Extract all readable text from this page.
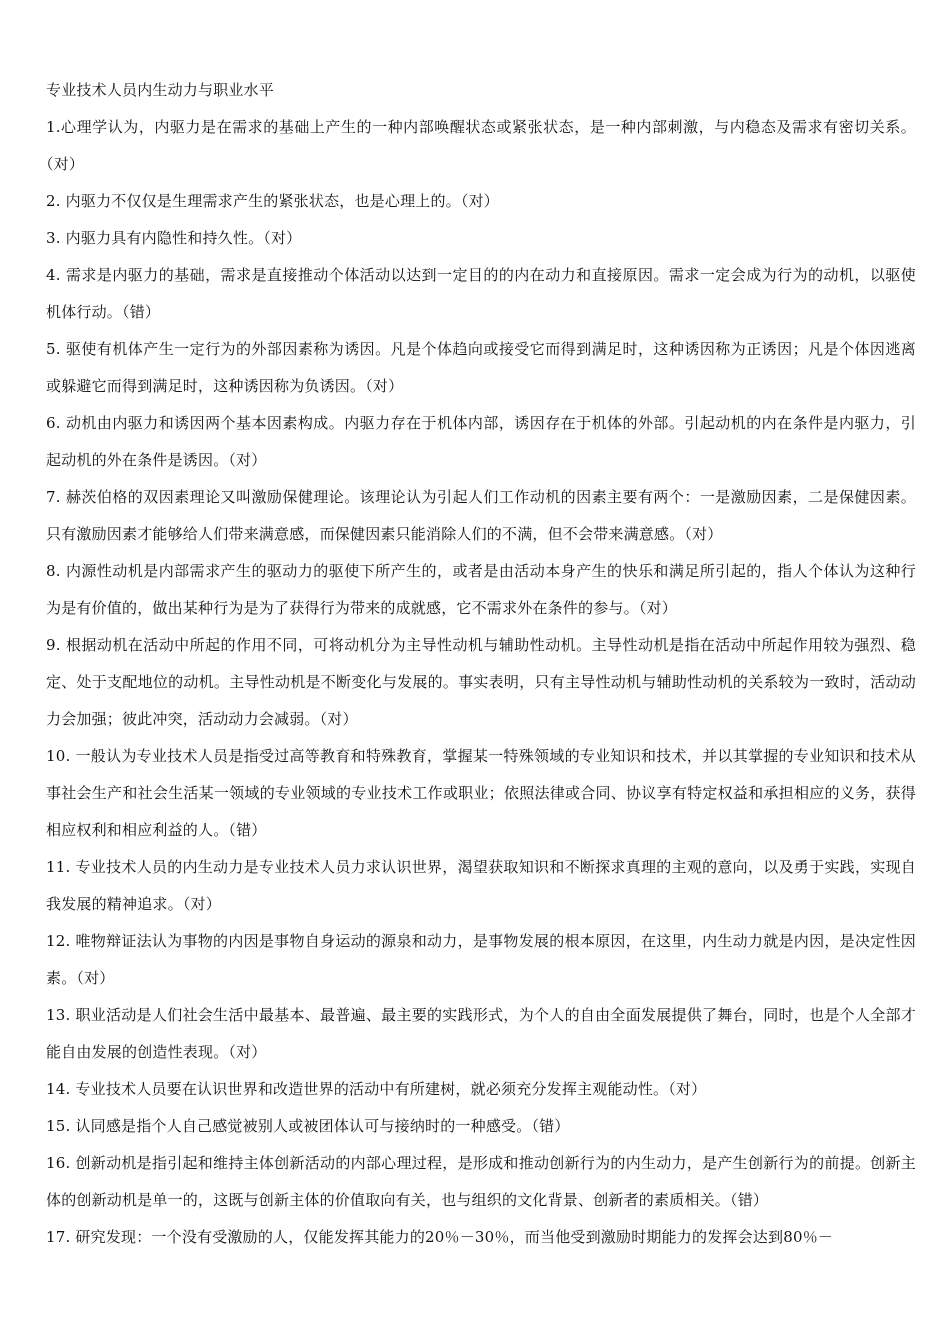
专业技术人员内生动力与职业水平

1.心理学认为，内驱力是在需求的基础上产生的一种内部唤醒状态或紧张状态，是一种内部刺激，与内稳态及需求有密切关系。（对）

2. 内驱力不仅仅是生理需求产生的紧张状态，也是心理上的。（对）

3. 内驱力具有内隐性和持久性。（对）

4. 需求是内驱力的基础，需求是直接推动个体活动以达到一定目的的内在动力和直接原因。需求一定会成为行为的动机，以驱使机体行动。（错）

5. 驱使有机体产生一定行为的外部因素称为诱因。凡是个体趋向或接受它而得到满足时，这种诱因称为正诱因；凡是个体因逃离或躲避它而得到满足时，这种诱因称为负诱因。（对）

6. 动机由内驱力和诱因两个基本因素构成。内驱力存在于机体内部，诱因存在于机体的外部。引起动机的内在条件是内驱力，引起动机的外在条件是诱因。（对）

7. 赫茨伯格的双因素理论又叫激励保健理论。该理论认为引起人们工作动机的因素主要有两个：一是激励因素，二是保健因素。只有激励因素才能够给人们带来满意感，而保健因素只能消除人们的不满，但不会带来满意感。（对）

8. 内源性动机是内部需求产生的驱动力的驱使下所产生的，或者是由活动本身产生的快乐和满足所引起的，指人个体认为这种行为是有价值的，做出某种行为是为了获得行为带来的成就感，它不需求外在条件的参与。（对）

9. 根据动机在活动中所起的作用不同，可将动机分为主导性动机与辅助性动机。主导性动机是指在活动中所起作用较为强烈、稳定、处于支配地位的动机。主导性动机是不断变化与发展的。事实表明，只有主导性动机与辅助性动机的关系较为一致时，活动动力会加强；彼此冲突，活动动力会减弱。（对）

10. 一般认为专业技术人员是指受过高等教育和特殊教育，掌握某一特殊领域的专业知识和技术，并以其掌握的专业知识和技术从事社会生产和社会生活某一领域的专业领域的专业技术工作或职业；依照法律或合同、协议享有特定权益和承担相应的义务，获得相应权利和相应利益的人。（错）

11. 专业技术人员的内生动力是专业技术人员力求认识世界，渴望获取知识和不断探求真理的主观的意向，以及勇于实践，实现自我发展的精神追求。（对）

12. 唯物辩证法认为事物的内因是事物自身运动的源泉和动力，是事物发展的根本原因，在这里，内生动力就是内因，是决定性因素。（对）

13. 职业活动是人们社会生活中最基本、最普遍、最主要的实践形式，为个人的自由全面发展提供了舞台，同时，也是个人全部才能自由发展的创造性表现。（对）

14. 专业技术人员要在认识世界和改造世界的活动中有所建树，就必须充分发挥主观能动性。（对）

15. 认同感是指个人自己感觉被别人或被团体认可与接纳时的一种感受。（错）

16. 创新动机是指引起和维持主体创新活动的内部心理过程，是形成和推动创新行为的内生动力，是产生创新行为的前提。创新主体的创新动机是单一的，这既与创新主体的价值取向有关，也与组织的文化背景、创新者的素质相关。（错）

17. 研究发现：一个没有受激励的人，仅能发挥其能力的20％－30％，而当他受到激励时期能力的发挥会达到80％－
